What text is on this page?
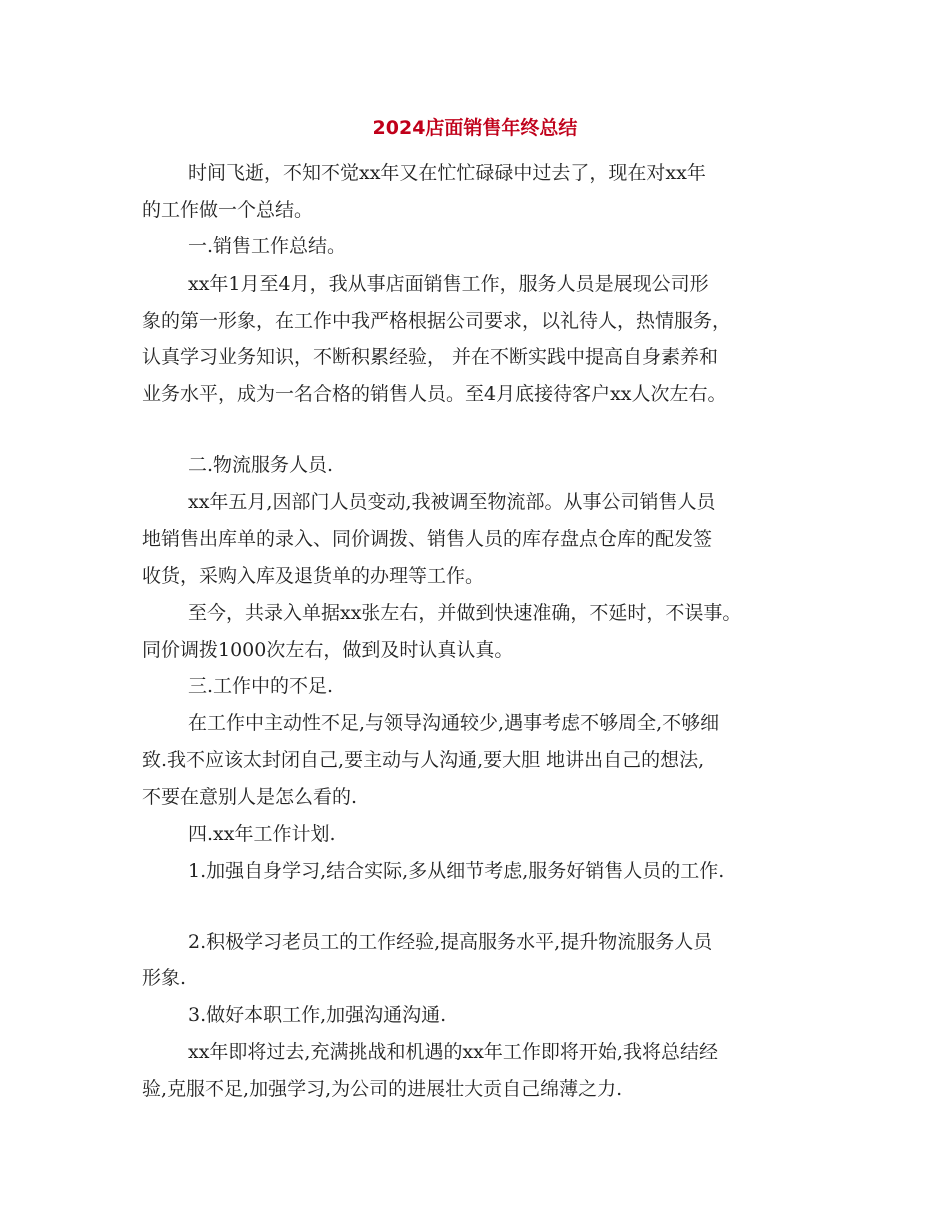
2024店面销售年终总结
时间飞逝，不知不觉xx年又在忙忙碌碌中过去了，现在对xx年
的工作做一个总结。
一.销售工作总结。
xx年1月至4月，我从事店面销售工作，服务人员是展现公司形
象的第一形象，在工作中我严格根据公司要求，以礼待人，热情服务，
认真学习业务知识，不断积累经验， 并在不断实践中提高自身素养和
业务水平，成为一名合格的销售人员。至4月底接待客户xx人次左右。
二.物流服务人员.
xx年五月,因部门人员变动,我被调至物流部。从事公司销售人员
地销售出库单的录入、同价调拨、销售人员的库存盘点仓库的配发签
收货，采购入库及退货单的办理等工作。
至今，共录入单据xx张左右，并做到快速准确，不延时，不误事。
同价调拨1000次左右，做到及时认真认真。
三.工作中的不足.
在工作中主动性不足,与领导沟通较少,遇事考虑不够周全,不够细
致.我不应该太封闭自己,要主动与人沟通,要大胆 地讲出自己的想法,
不要在意别人是怎么看的.
四.xx年工作计划.
1.加强自身学习,结合实际,多从细节考虑,服务好销售人员的工作.
2.积极学习老员工的工作经验,提高服务水平,提升物流服务人员
形象.
3.做好本职工作,加强沟通沟通.
xx年即将过去,充满挑战和机遇的xx年工作即将开始,我将总结经
验,克服不足,加强学习,为公司的进展壮大贡自己绵薄之力.
